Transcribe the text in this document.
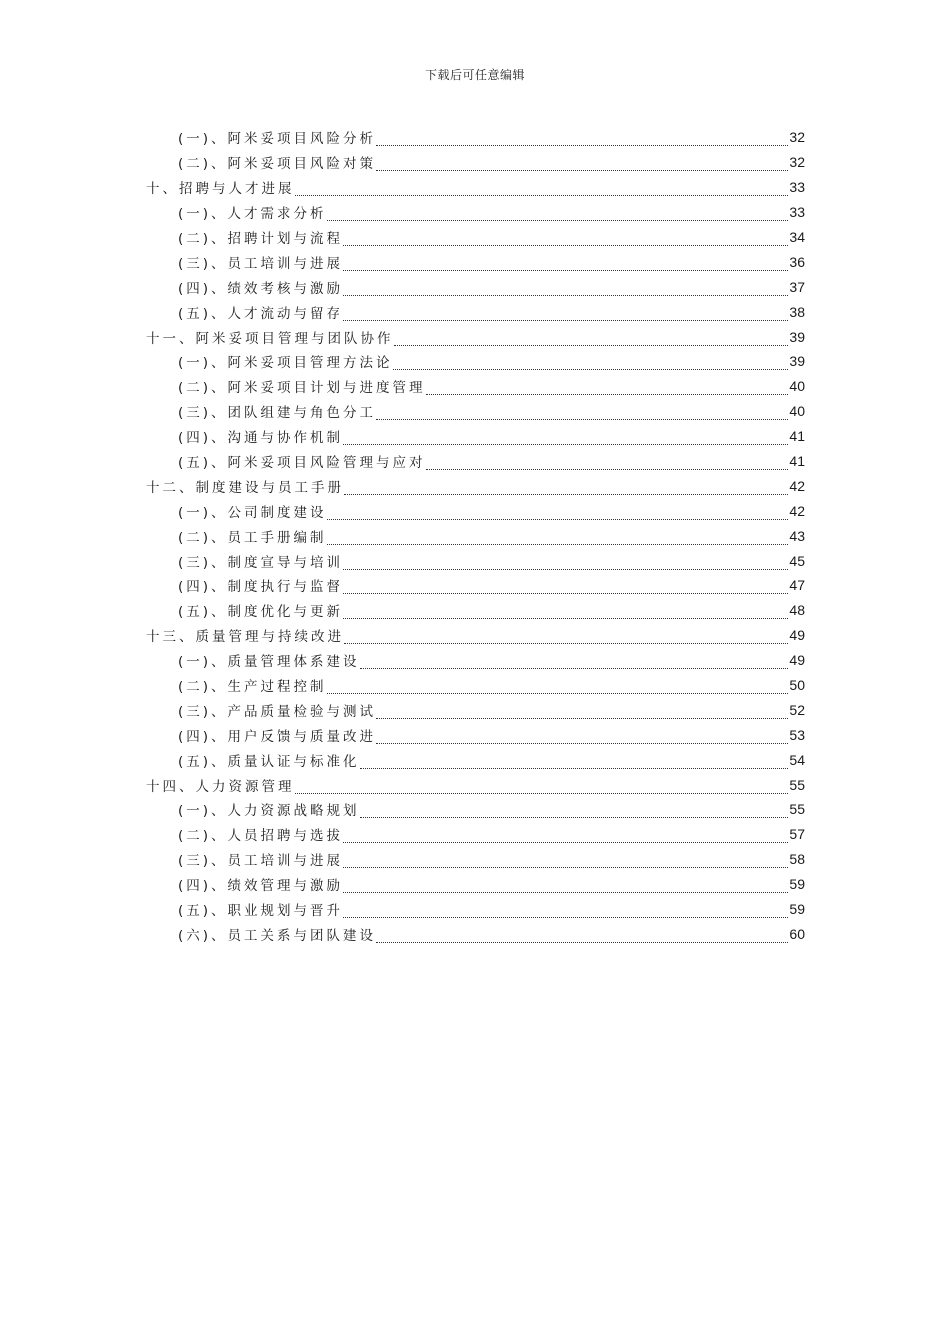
下载后可任意编辑
(一)、阿米妥项目风险分析	32
(二)、阿米妥项目风险对策	32
十、招聘与人才进展	33
(一)、人才需求分析	33
(二)、招聘计划与流程	34
(三)、员工培训与进展	36
(四)、绩效考核与激励	37
(五)、人才流动与留存	38
十一、阿米妥项目管理与团队协作	39
(一)、阿米妥项目管理方法论	39
(二)、阿米妥项目计划与进度管理	40
(三)、团队组建与角色分工	40
(四)、沟通与协作机制	41
(五)、阿米妥项目风险管理与应对	41
十二、制度建设与员工手册	42
(一)、公司制度建设	42
(二)、员工手册编制	43
(三)、制度宣导与培训	45
(四)、制度执行与监督	47
(五)、制度优化与更新	48
十三、质量管理与持续改进	49
(一)、质量管理体系建设	49
(二)、生产过程控制	50
(三)、产品质量检验与测试	52
(四)、用户反馈与质量改进	53
(五)、质量认证与标准化	54
十四、人力资源管理	55
(一)、人力资源战略规划	55
(二)、人员招聘与选拔	57
(三)、员工培训与进展	58
(四)、绩效管理与激励	59
(五)、职业规划与晋升	59
(六)、员工关系与团队建设	60
